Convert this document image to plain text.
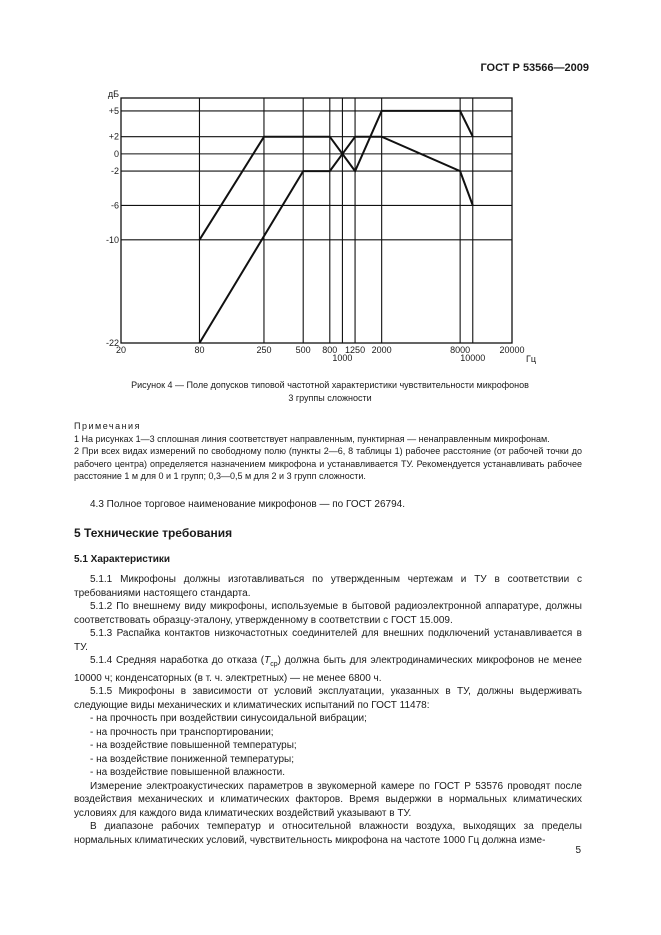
ГОСТ Р 53566—2009
+5
+2
0
-2
-6
-10
-22
20	80	250	500 800
1000
1250 2000	8000
10000
20000
дБ
Гц
Рисунок 4 — Поле допусков типовой частотной характеристики чувствительности микрофонов
3 группы сложности
Примечания
1 На рисунках 1—3 сплошная линия соответствует направленным, пунктирная — ненаправленным микрофонам.
2 При всех видах измерений по свободному полю (пункты 2—6, 8 таблицы 1) рабочее расстояние (от рабочей точки до рабочего центра) определяется назначением микрофона и устанавливается ТУ. Рекомендуется устанавливать рабочее расстояние 1 м для 0 и 1 групп; 0,3—0,5 м для 2 и 3 групп сложности.

4.3 Полное торговое наименование микрофонов — по ГОСТ 26794.

5 Технические требования
5.1 Характеристики

5.1.1 Микрофоны должны изготавливаться по утвержденным чертежам и ТУ в соответствии с требованиями настоящего стандарта.

5.1.2 По внешнему виду микрофоны, используемые в бытовой радиоэлектронной аппаратуре, должны соответствовать образцу-эталону, утвержденному в соответствии с ГОСТ 15.009.

5.1.3 Распайка контактов низкочастотных соединителей для внешних подключений устанавливается в ТУ.

5.1.4 Средняя наработка до отказа $(T_{ср})$ должна быть для электродинамических микрофонов не менее 10000 ч; конденсаторных (в т. ч. электретных) — не менее 6800 ч.

5.1.5 Микрофоны в зависимости от условий эксплуатации, указанных в ТУ, должны выдерживать следующие виды механических и климатических испытаний по ГОСТ 11478:

- на прочность при воздействии синусоидальной вибрации;

- на прочность при транспортировании;

- на воздействие повышенной температуры;

- на воздействие пониженной температуры;

- на воздействие повышенной влажности.

Измерение электроакустических параметров в звукомерной камере по ГОСТ Р 53576 проводят после воздействия механических и климатических факторов. Время выдержки в нормальных климатических условиях для каждого вида климатических воздействий указывают в ТУ.

В диапазоне рабочих температур и относительной влажности воздуха, выходящих за пределы нормальных климатических условий, чувствительность микрофона на частоте 1000 Гц должна изме-

5
